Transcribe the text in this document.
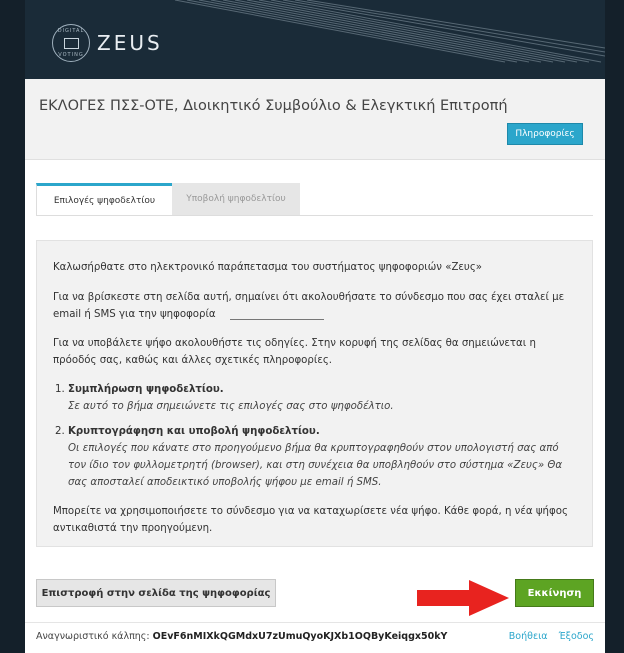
DIGITAL
VOTING ZEUS
ΕΚΛΟΓΕΣ ΠΣΣ-ΟΤΕ, Διοικητικό Συμβούλιο & Ελεγκτική Επιτροπή
Πληροφορίες
Επιλογές ψηφοδελτίου	Υποβολή ψηφοδελτίου

Καλωσήρθατε στο ηλεκτρονικό παράπετασμα του συστήματος ψηφοφοριών «Ζευς»

Για να βρίσκεστε στη σελίδα αυτή, σημαίνει ότι ακολουθήσατε το σύνδεσμο που σας έχει σταλεί με email ή SMS για την ψηφοφορία

Για να υποβάλετε ψήφο ακολουθήστε τις οδηγίες. Στην κορυφή της σελίδας θα σημειώνεται η πρόοδός σας, καθώς και άλλες σχετικές πληροφορίες.

1. Συμπλήρωση ψηφοδελτίου.
Σε αυτό το βήμα σημειώνετε τις επιλογές σας στο ψηφοδέλτιο.
2. Κρυπτογράφηση και υποβολή ψηφοδελτίου.
Οι επιλογές που κάνατε στο προηγούμενο βήμα θα κρυπτογραφηθούν στον υπολογιστή σας από τον ίδιο τον φυλλομετρητή (browser), και στη συνέχεια θα υποβληθούν στο σύστημα «Ζευς» Θα σας αποσταλεί αποδεικτικό υποβολής ψήφου με email ή SMS.

Μπορείτε να χρησιμοποιήσετε το σύνδεσμο για να καταχωρίσετε νέα ψήφο. Κάθε φορά, η νέα ψήφος αντικαθιστά την προηγούμενη.

Επιστροφή στην σελίδα της ψηφοφορίας	Εκκίνηση
Αναγνωριστικό κάλπης: OEvF6nMIXkQGMdxU7zUmuQyoKJXb1OQByKeiqgx50kY	Βοήθεια Έξοδος
